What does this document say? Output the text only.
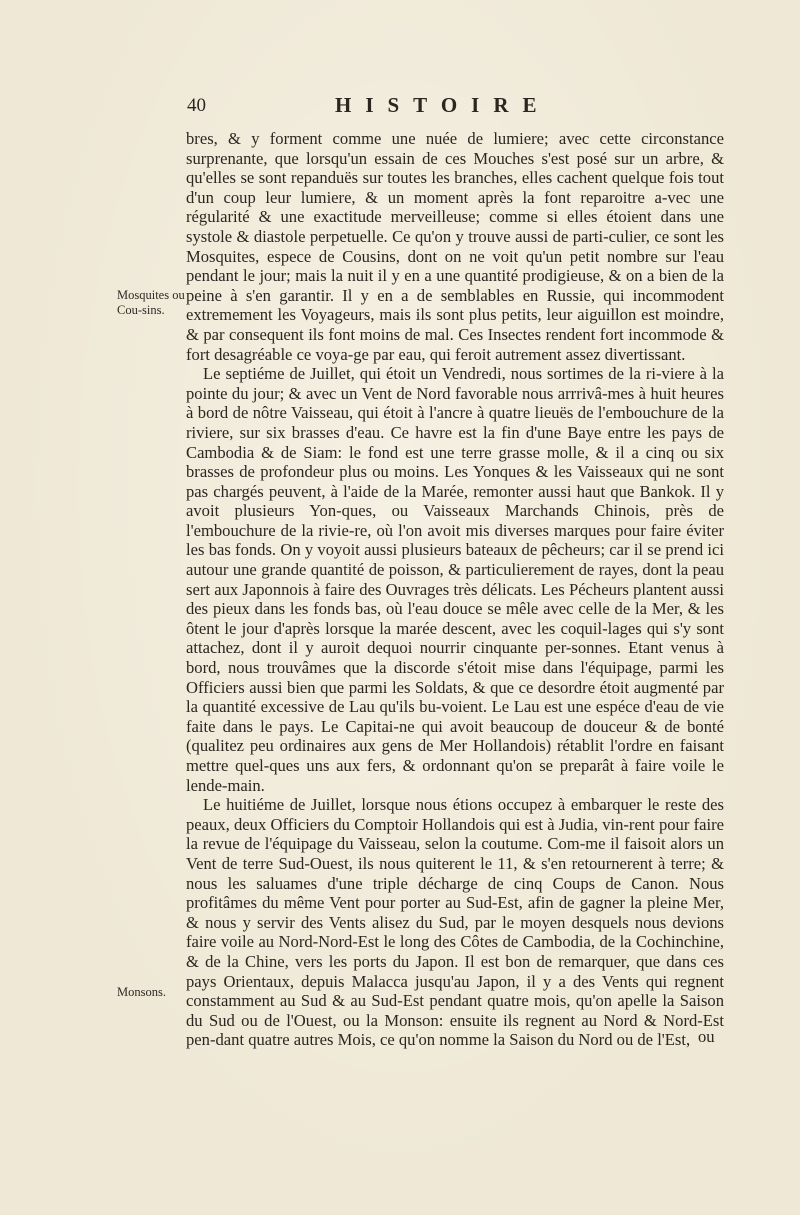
40	HISTOIRE
Mosquites ou Cou-sins.
Monsons.

bres, & y forment comme une nuée de lumiere; avec cette circonstance surprenante, que lorsqu'un essain de ces Mouches s'est posé sur un arbre, & qu'elles se sont repanduës sur toutes les branches, elles cachent quelque fois tout d'un coup leur lumiere, & un moment après la font reparoitre a-vec une régularité & une exactitude merveilleuse; comme si elles étoient dans une systole & diastole perpetuelle. Ce qu'on y trouve aussi de parti-culier, ce sont les Mosquites, espece de Cousins, dont on ne voit qu'un petit nombre sur l'eau pendant le jour; mais la nuit il y en a une quantité prodigieuse, & on a bien de la peine à s'en garantir. Il y en a de semblables en Russie, qui incommodent extremement les Voyageurs, mais ils sont plus petits, leur aiguillon est moindre, & par consequent ils font moins de mal. Ces Insectes rendent fort incommode & fort desagréable ce voya-ge par eau, qui feroit autrement assez divertissant.

Le septiéme de Juillet, qui étoit un Vendredi, nous sortimes de la ri-viere à la pointe du jour; & avec un Vent de Nord favorable nous arrrivâ-mes à huit heures à bord de nôtre Vaisseau, qui étoit à l'ancre à quatre lieuës de l'embouchure de la riviere, sur six brasses d'eau. Ce havre est la fin d'une Baye entre les pays de Cambodia & de Siam: le fond est une terre grasse molle, & il a cinq ou six brasses de profondeur plus ou moins. Les Yonques & les Vaisseaux qui ne sont pas chargés peuvent, à l'aide de la Marée, remonter aussi haut que Bankok. Il y avoit plusieurs Yon-ques, ou Vaisseaux Marchands Chinois, près de l'embouchure de la rivie-re, où l'on avoit mis diverses marques pour faire éviter les bas fonds. On y voyoit aussi plusieurs bateaux de pêcheurs; car il se prend ici autour une grande quantité de poisson, & particulierement de rayes, dont la peau sert aux Japonnois à faire des Ouvrages très délicats. Les Pécheurs plantent aussi des pieux dans les fonds bas, où l'eau douce se mêle avec celle de la Mer, & les ôtent le jour d'après lorsque la marée descent, avec les coquil-lages qui s'y sont attachez, dont il y auroit dequoi nourrir cinquante per-sonnes. Etant venus à bord, nous trouvâmes que la discorde s'étoit mise dans l'équipage, parmi les Officiers aussi bien que parmi les Soldats, & que ce desordre étoit augmenté par la quantité excessive de Lau qu'ils bu-voient. Le Lau est une espéce d'eau de vie faite dans le pays. Le Capitai-ne qui avoit beaucoup de douceur & de bonté (qualitez peu ordinaires aux gens de Mer Hollandois) rétablit l'ordre en faisant mettre quel-ques uns aux fers, & ordonnant qu'on se preparât à faire voile le lende-main.

Le huitiéme de Juillet, lorsque nous étions occupez à embarquer le reste des peaux, deux Officiers du Comptoir Hollandois qui est à Judia, vin-rent pour faire la revue de l'équipage du Vaisseau, selon la coutume. Com-me il faisoit alors un Vent de terre Sud-Ouest, ils nous quiterent le 11, & s'en retournerent à terre; & nous les saluames d'une triple décharge de cinq Coups de Canon. Nous profitâmes du même Vent pour porter au Sud-Est, afin de gagner la pleine Mer, & nous y servir des Vents alisez du Sud, par le moyen desquels nous devions faire voile au Nord-Nord-Est le long des Côtes de Cambodia, de la Cochinchine, & de la Chine, vers les ports du Japon. Il est bon de remarquer, que dans ces pays Orientaux, depuis Malacca jusqu'au Japon, il y a des Vents qui regnent constamment au Sud & au Sud-Est pendant quatre mois, qu'on apelle la Saison du Sud ou de l'Ouest, ou la Monson: ensuite ils regnent au Nord & Nord-Est pen-dant quatre autres Mois, ce qu'on nomme la Saison du Nord ou de l'Est, ou
